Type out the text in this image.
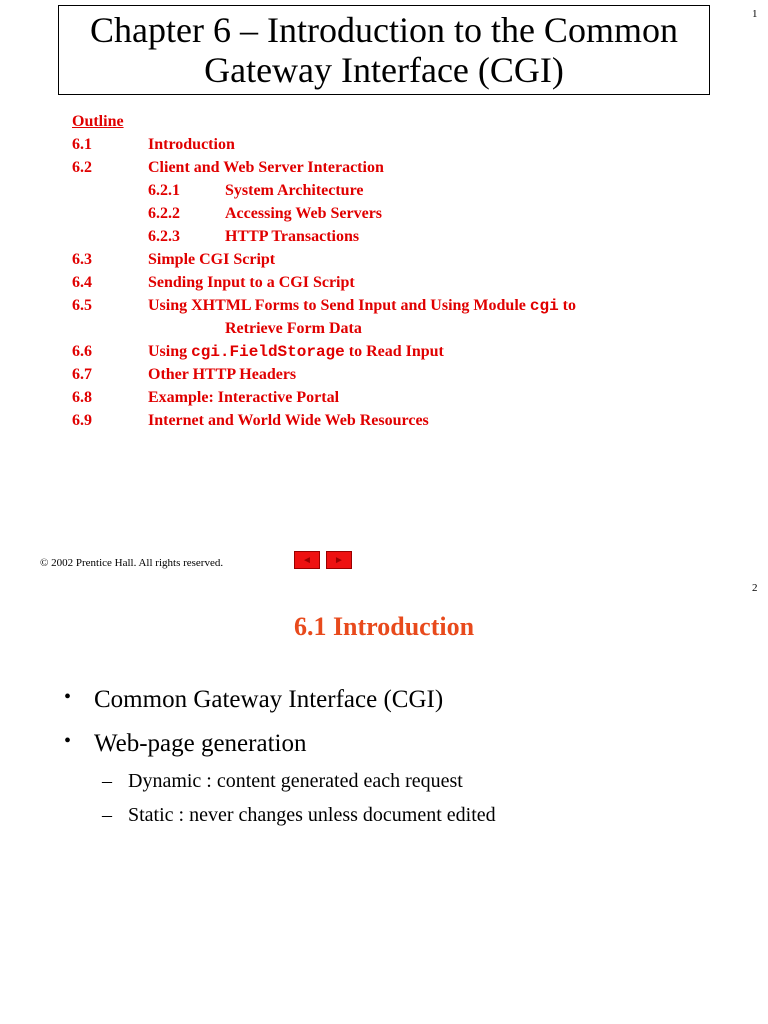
1
Chapter 6 – Introduction to the Common
Gateway Interface (CGI)
Outline
6.1	Introduction
6.2	Client and Web Server Interaction
6.2.1	System Architecture
6.2.2	Accessing Web Servers
6.2.3	HTTP Transactions
6.3	Simple CGI Script
6.4	Sending Input to a CGI Script
6.5	Using XHTML Forms to Send Input and Using Module cgi to
Retrieve Form Data
6.6	Using cgi.FieldStorage to Read Input
6.7	Other HTTP Headers
6.8	Example: Interactive Portal
6.9	Internet and World Wide Web Resources
© 2002 Prentice Hall. All rights reserved.	◄ ►
2
6.1 Introduction
• Common Gateway Interface (CGI)
• Web-page generation
– Dynamic : content generated each request
– Static : never changes unless document edited
